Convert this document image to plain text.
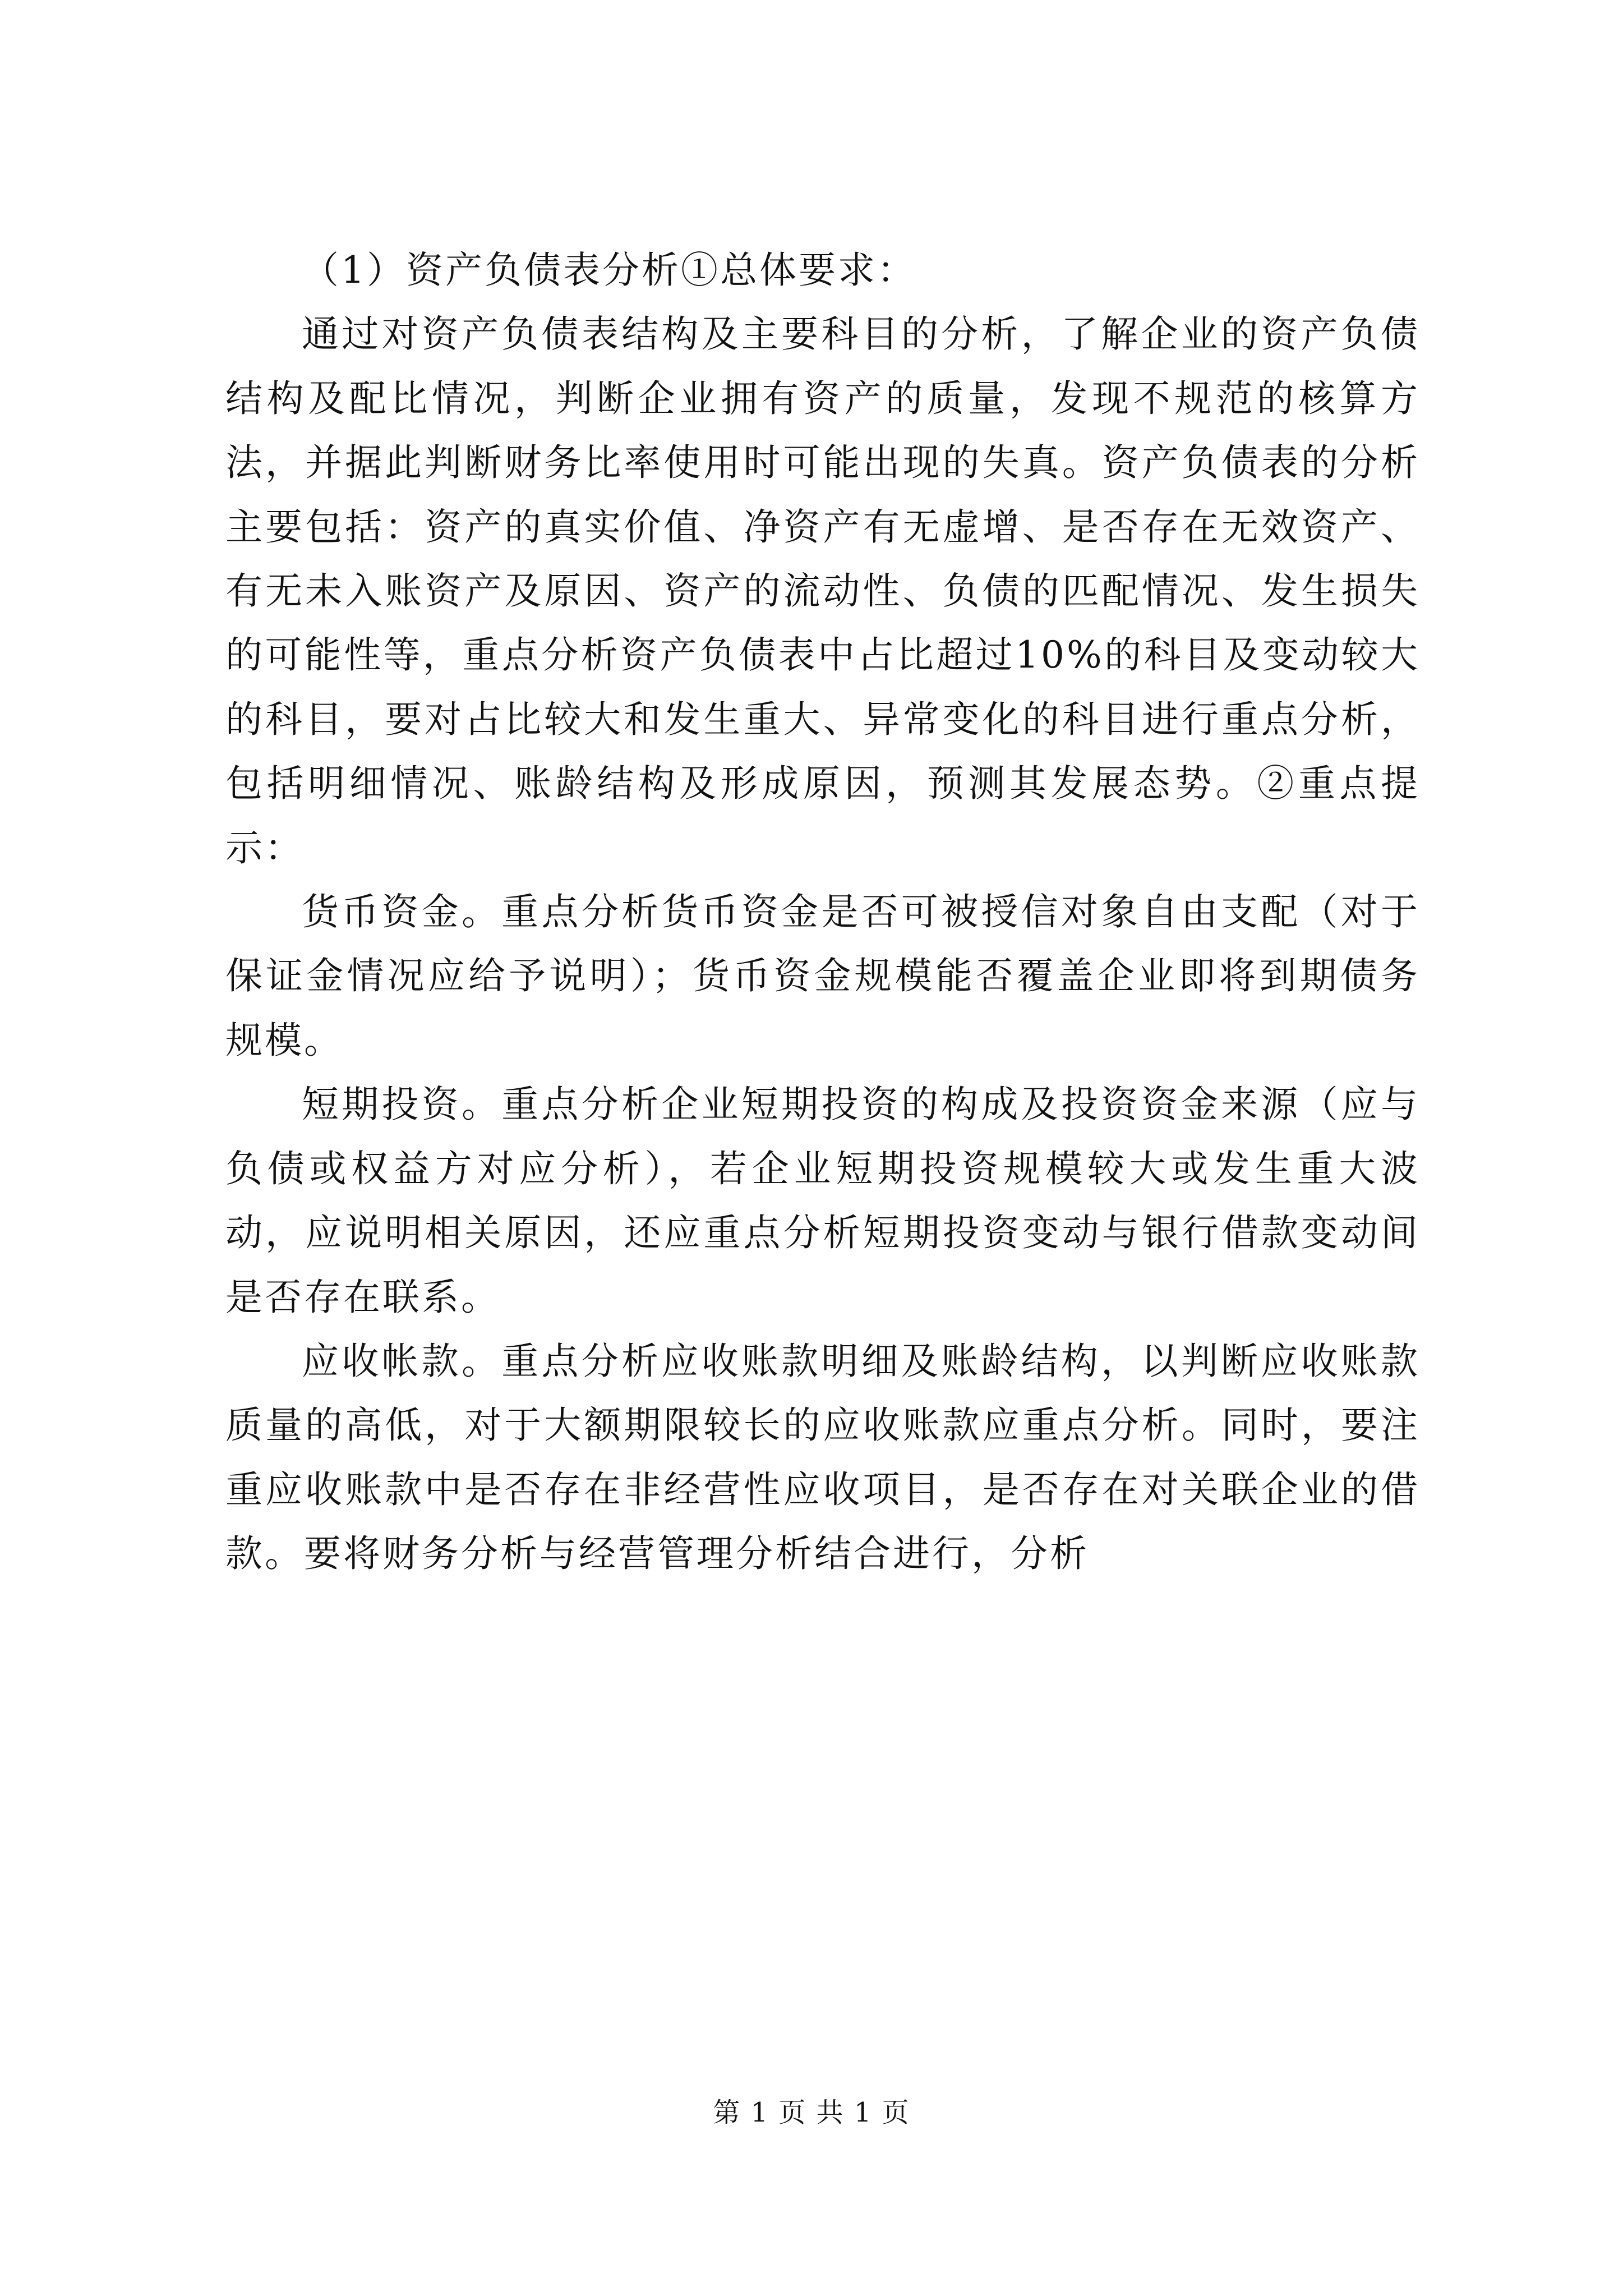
（1）资产负债表分析①总体要求：

通过对资产负债表结构及主要科目的分析，了解企业的资产负债结构及配比情况，判断企业拥有资产的质量，发现不规范的核算方法，并据此判断财务比率使用时可能出现的失真。资产负债表的分析主要包括：资产的真实价值、净资产有无虚增、是否存在无效资产、有无未入账资产及原因、资产的流动性、负债的匹配情况、发生损失的可能性等，重点分析资产负债表中占比超过10%的科目及变动较大的科目，要对占比较大和发生重大、异常变化的科目进行重点分析，包括明细情况、账龄结构及形成原因，预测其发展态势。②重点提示：

货币资金。重点分析货币资金是否可被授信对象自由支配（对于保证金情况应给予说明）；货币资金规模能否覆盖企业即将到期债务规模。

短期投资。重点分析企业短期投资的构成及投资资金来源（应与负债或权益方对应分析），若企业短期投资规模较大或发生重大波动，应说明相关原因，还应重点分析短期投资变动与银行借款变动间是否存在联系。

应收帐款。重点分析应收账款明细及账龄结构，以判断应收账款质量的高低，对于大额期限较长的应收账款应重点分析。同时，要注重应收账款中是否存在非经营性应收项目，是否存在对关联企业的借款。要将财务分析与经营管理分析结合进行，分析

第 1 页 共 1 页
